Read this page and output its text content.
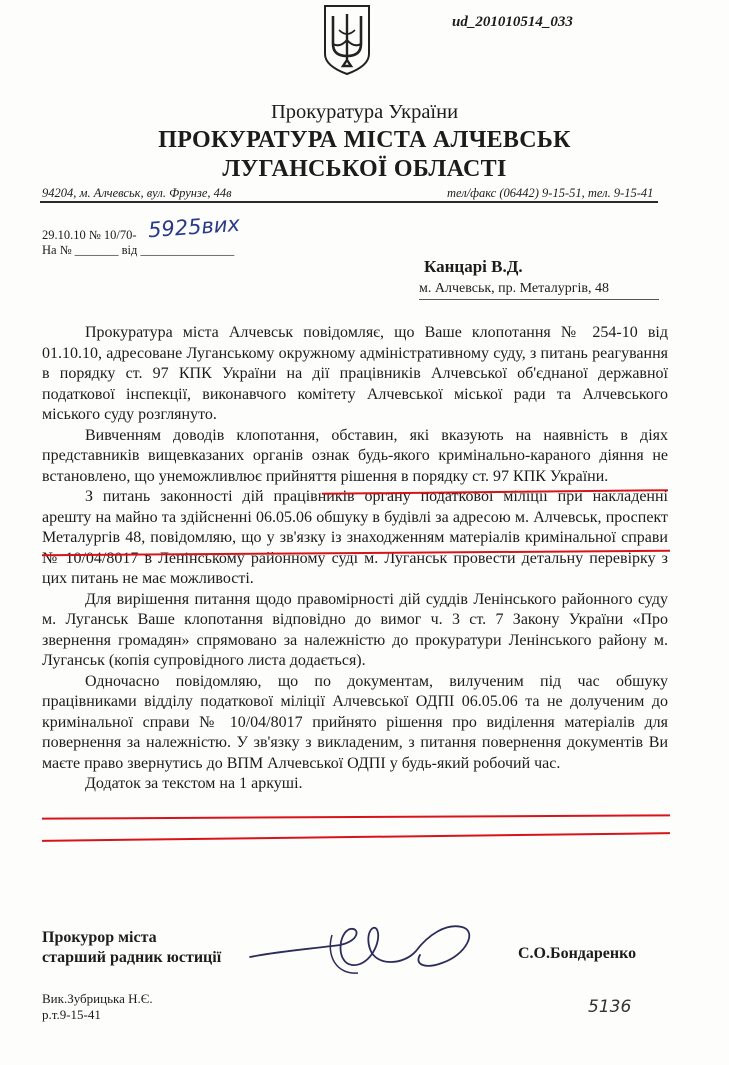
ud_201010514_033
Прокуратура України
ПРОКУРАТУРА МІСТА АЛЧЕВСЬК
ЛУГАНСЬКОЇ ОБЛАСТІ
94204, м. Алчевськ, вул. Фрунзе, 44в	тел/факс (06442) 9-15-51, тел. 9-15-41
29.10.10 № 10/70- 5925вих
На № _______ від _______________
Канцарі В.Д.
м. Алчевськ, пр. Металургів, 48

Прокуратура міста Алчевськ повідомляє, що Ваше клопотання № 254-10 від 01.10.10, адресоване Луганському окружному адміністративному суду, з питань реагування в порядку ст. 97 КПК України на дії працівників Алчевської об'єднаної державної податкової інспекції, виконавчого комітету Алчевської міської ради та Алчевського міського суду розглянуто.

Вивченням доводів клопотання, обставин, які вказують на наявність в діях представників вищевказаних органів ознак будь-якого кримінально-караного діяння не встановлено, що унеможливлює прийняття рішення в порядку ст. 97 КПК України.

З питань законності дій працівників органу податкової міліції при накладенні арешту на майно та здійсненні 06.05.06 обшуку в будівлі за адресою м. Алчевськ, проспект Металургів 48, повідомляю, що у зв'язку із знаходженням матеріалів кримінальної справи № 10/04/8017 в Ленінському районному суді м. Луганськ провести детальну перевірку з цих питань не має можливості.

Для вирішення питання щодо правомірності дій суддів Ленінського районного суду м. Луганськ Ваше клопотання відповідно до вимог ч. 3 ст. 7 Закону України «Про звернення громадян» спрямовано за належністю до прокуратури Ленінського району м. Луганськ (копія супровідного листа додається).

Одночасно повідомляю, що по документам, вилученим під час обшуку працівниками відділу податкової міліції Алчевської ОДПІ 06.05.06 та не долученим до кримінальної справи № 10/04/8017 прийнято рішення про виділення матеріалів для повернення за належністю. У зв'язку з викладеним, з питання повернення документів Ви маєте право звернутись до ВПМ Алчевської ОДПІ у будь-який робочий час.

Додаток за текстом на 1 аркуші.

Прокурор міста
старший радник юстиції	С.О.Бондаренко
Вик.Зубрицька Н.Є.
р.т.9-15-41	5136
